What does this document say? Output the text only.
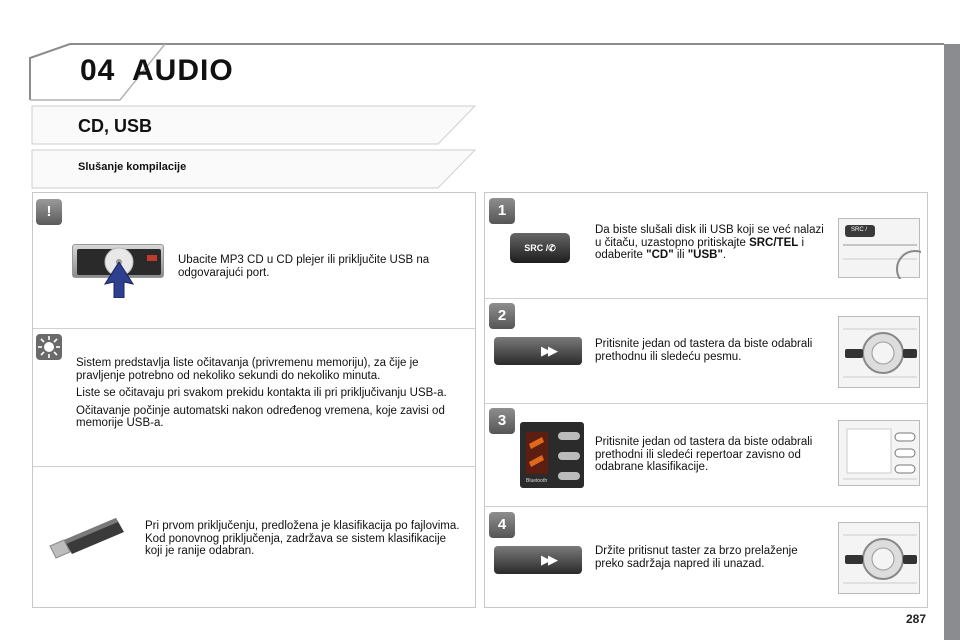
04 AUDIO
CD, USB
Slušanje kompilacije
!
Ubacite MP3 CD u CD plejer ili priključite USB na odgovarajući port.

Sistem predstavlja liste očitavanja (privremenu memoriju), za čije je pravljenje potrebno od nekoliko sekundi do nekoliko minuta.

Liste se očitavaju pri svakom prekidu kontakta ili pri priključivanju USB-a.

Očitavanje počinje automatski nakon određenog vremena, koje zavisi od memorije USB-a.

Pri prvom priključenju, predložena je klasifikacija po fajlovima. Kod ponovnog priključenja, zadržava se sistem klasifikacije koji je ranije odabran.
1
SRC /✆
Da biste slušali disk ili USB koji se već nalazi u čitaču, uzastopno pritiskajte SRC/TEL i odaberite "CD" ili "USB".
SRC /
2
▶▶	Pritisnite jedan od tastera da biste odabrali prethodnu ili sledeću pesmu.
3
Bluetooth
Pritisnite jedan od tastera da biste odabrali prethodni ili sledeći repertoar zavisno od odabrane klasifikacije.
4
▶▶
Držite pritisnut taster za brzo prelaženje preko sadržaja napred ili unazad.
287
